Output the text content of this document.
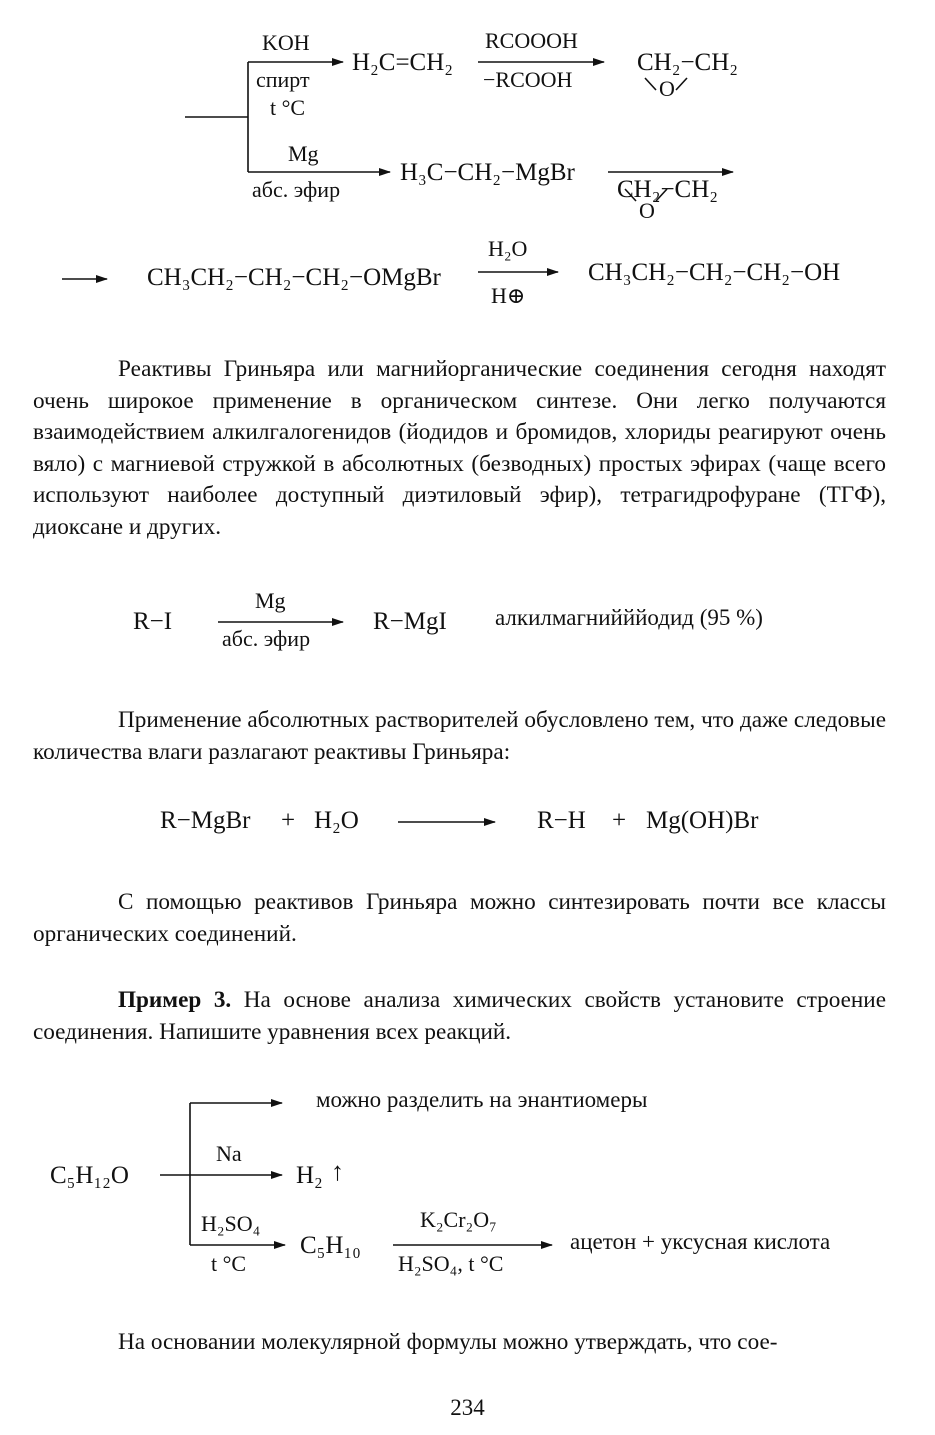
KOH
спирт
t °C
H₂C=CH₂
RCOOOH
−RCOOH
CH₂−CH₂
O
Mg
абс. эфир
H₃C−CH₂−MgBr
CH₂−CH₂
O
CH₃CH₂−CH₂−CH₂−OMgBr
H₂O
H⊕
CH₃CH₂−CH₂−CH₂−OH

Реактивы Гриньяра или магнийорганические соединения сегодня находят очень широкое применение в органическом синтезе. Они легко получаются взаимодействием алкилгалогенидов (йодидов и бромидов, хлориды реагируют очень вяло) с магниевой стружкой в абсолютных (безводных) простых эфирах (чаще всего используют наиболее доступный диэтиловый эфир), тетрагидрофуране (ТГФ), диоксане и других.

R−I
Mg
абс. эфир
R−MgI алкилмагнийййодид (95 %)

Применение абсолютных растворителей обусловлено тем, что даже следовые количества влаги разлагают реактивы Гриньяра:

R−MgBr + H₂O	R−H + Mg(OH)Br

С помощью реактивов Гриньяра можно синтезировать почти все классы органических соединений.

Пример 3. На основе анализа химических свойств установите строение соединения. Напишите уравнения всех реакций.

C₅H₁₂O
можно разделить на энантиомеры
Na
H₂ ↑
H₂SO₄
t °C
C₅H₁₀
K₂Cr₂O₇
H₂SO₄, t °C
ацетон + уксусная кислота

На основании молекулярной формулы можно утверждать, что сое-

234
